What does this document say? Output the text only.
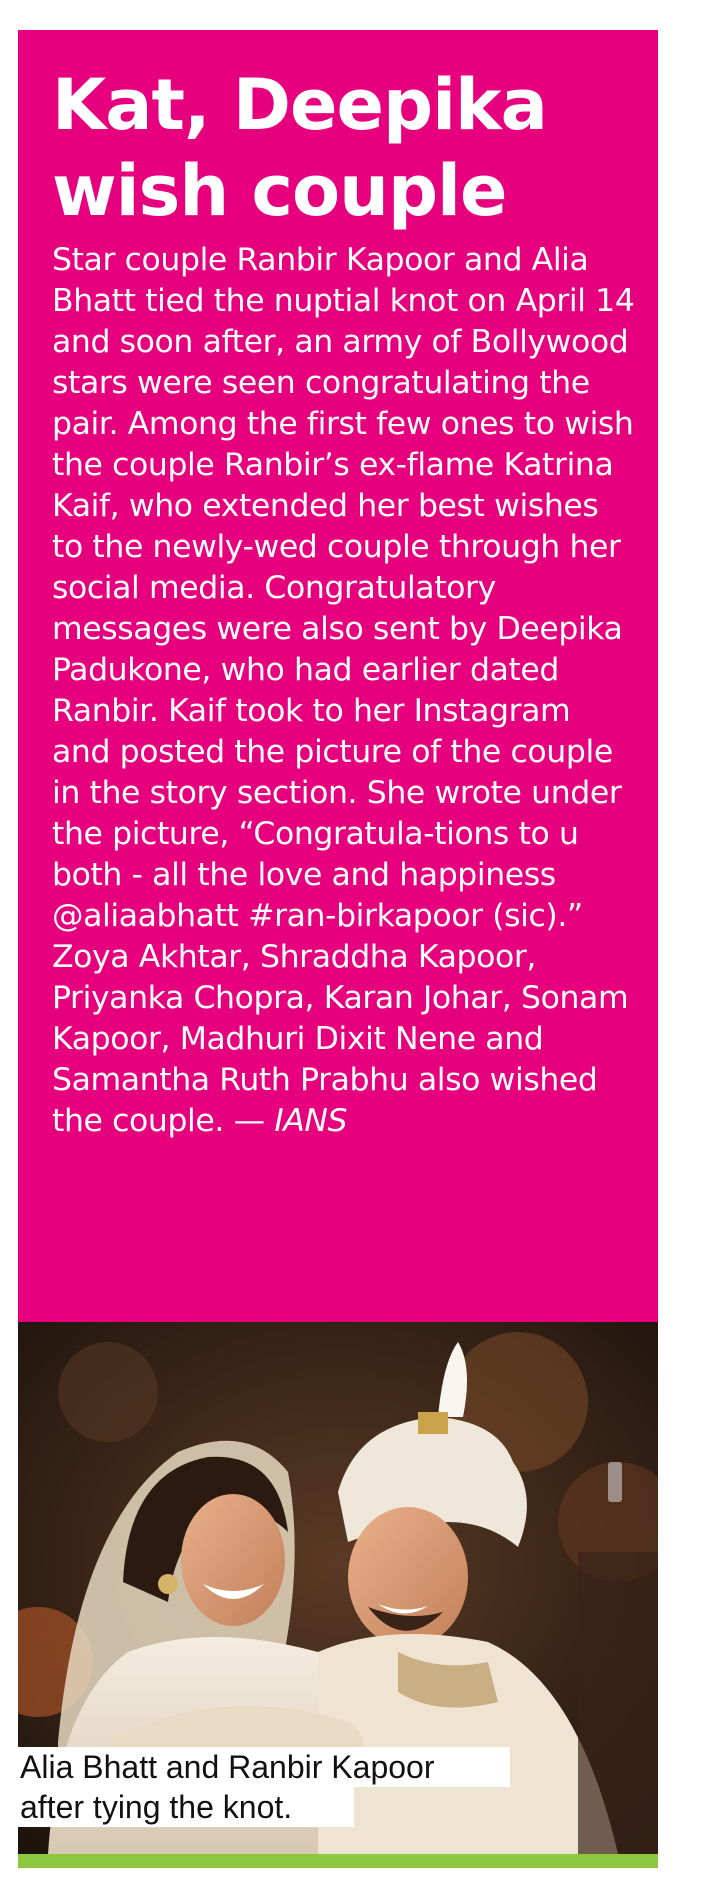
Kat, Deepika
wish couple

Star couple Ranbir Kapoor and Alia Bhatt tied the nuptial knot on April 14 and soon after, an army of Bollywood stars were seen congratulating the pair. Among the first few ones to wish the couple Ranbir’s ex-flame Katrina Kaif, who extended her best wishes to the newly-wed couple through her social media. Congratulatory messages were also sent by Deepika Padukone, who had earlier dated Ranbir. Kaif took to her Instagram and posted the picture of the couple in the story section. She wrote under the picture, “Congratula-tions to u both - all the love and happiness @aliaabhatt #ran-birkapoor (sic).”

Zoya Akhtar, Shraddha Kapoor, Priyanka Chopra, Karan Johar, Sonam Kapoor, Madhuri Dixit Nene and Samantha Ruth Prabhu also wished the couple. — IANS

Alia Bhatt and Ranbir Kapoor
after tying the knot.
